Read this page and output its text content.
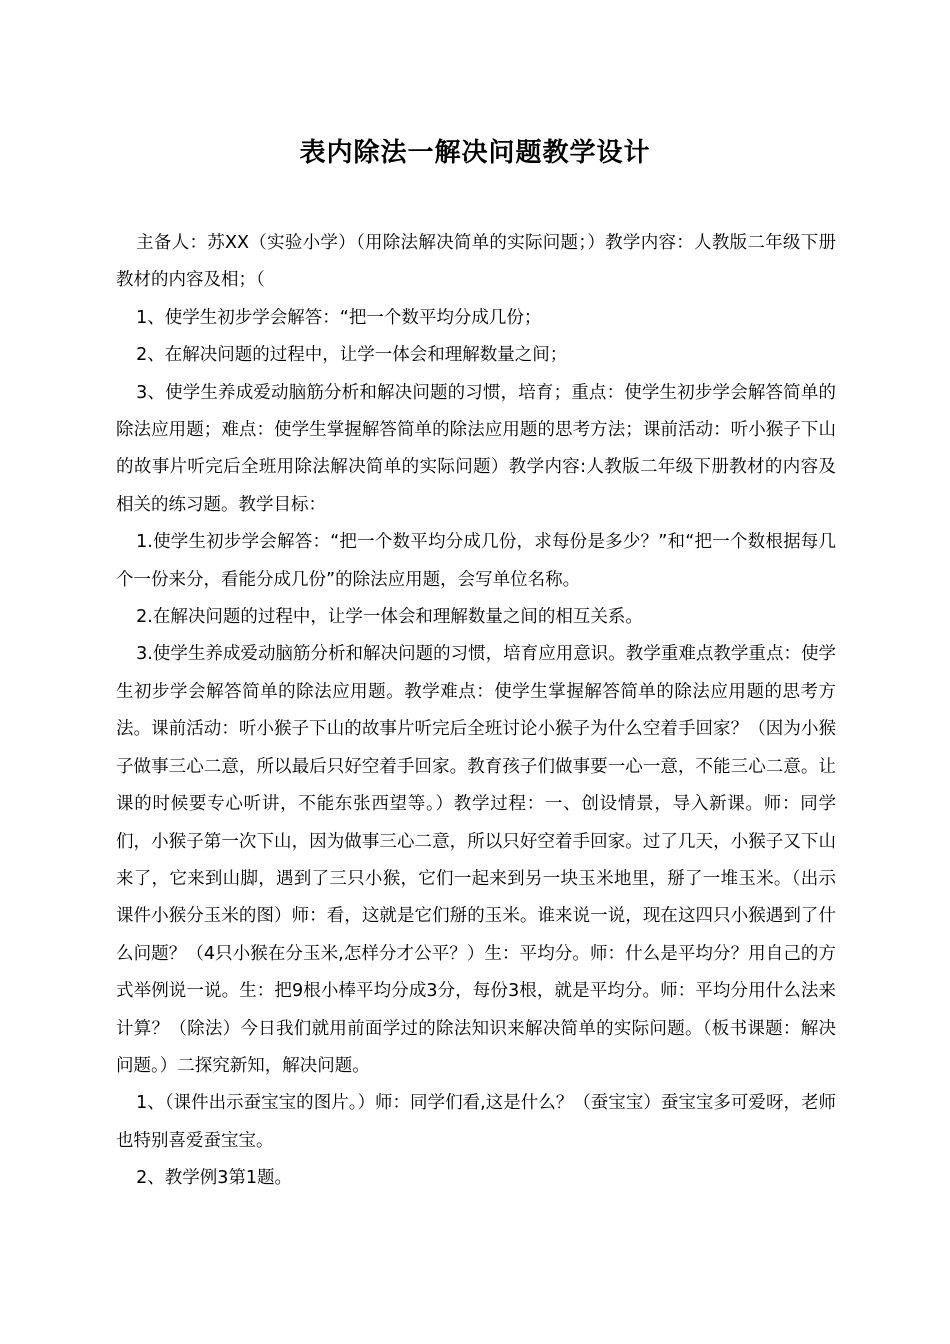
表内除法一解决问题教学设计

主备人：苏XX（实验小学）（用除法解决简单的实际问题；）教学内容：人教版二年级下册教材的内容及相；（

1、使学生初步学会解答：“把一个数平均分成几份；

2、在解决问题的过程中，让学一体会和理解数量之间；

3、使学生养成爱动脑筋分析和解决问题的习惯，培育；重点：使学生初步学会解答简单的除法应用题；难点：使学生掌握解答简单的除法应用题的思考方法；课前活动：听小猴子下山的故事片听完后全班用除法解决简单的实际问题）教学内容:人教版二年级下册教材的内容及相关的练习题。教学目标：

1.使学生初步学会解答：“把一个数平均分成几份，求每份是多少？”和“把一个数根据每几个一份来分，看能分成几份”的除法应用题，会写单位名称。

2.在解决问题的过程中，让学一体会和理解数量之间的相互关系。

3.使学生养成爱动脑筋分析和解决问题的习惯，培育应用意识。教学重难点教学重点：使学生初步学会解答简单的除法应用题。教学难点：使学生掌握解答简单的除法应用题的思考方法。课前活动：听小猴子下山的故事片听完后全班讨论小猴子为什么空着手回家？（因为小猴子做事三心二意，所以最后只好空着手回家。教育孩子们做事要一心一意，不能三心二意。让课的时候要专心听讲，不能东张西望等。）教学过程：一、创设情景，导入新课。师：同学们，小猴子第一次下山，因为做事三心二意，所以只好空着手回家。过了几天，小猴子又下山来了，它来到山脚，遇到了三只小猴，它们一起来到另一块玉米地里，掰了一堆玉米。（出示课件小猴分玉米的图）师：看，这就是它们掰的玉米。谁来说一说，现在这四只小猴遇到了什么问题？（4只小猴在分玉米,怎样分才公平？）生：平均分。师：什么是平均分？用自己的方式举例说一说。生：把9根小棒平均分成3分，每份3根，就是平均分。师：平均分用什么法来计算？（除法）今日我们就用前面学过的除法知识来解决简单的实际问题。（板书课题：解决问题。）二探究新知，解决问题。

1、（课件出示蚕宝宝的图片。）师：同学们看,这是什么？（蚕宝宝）蚕宝宝多可爱呀，老师也特别喜爱蚕宝宝。

2、教学例3第1题。
